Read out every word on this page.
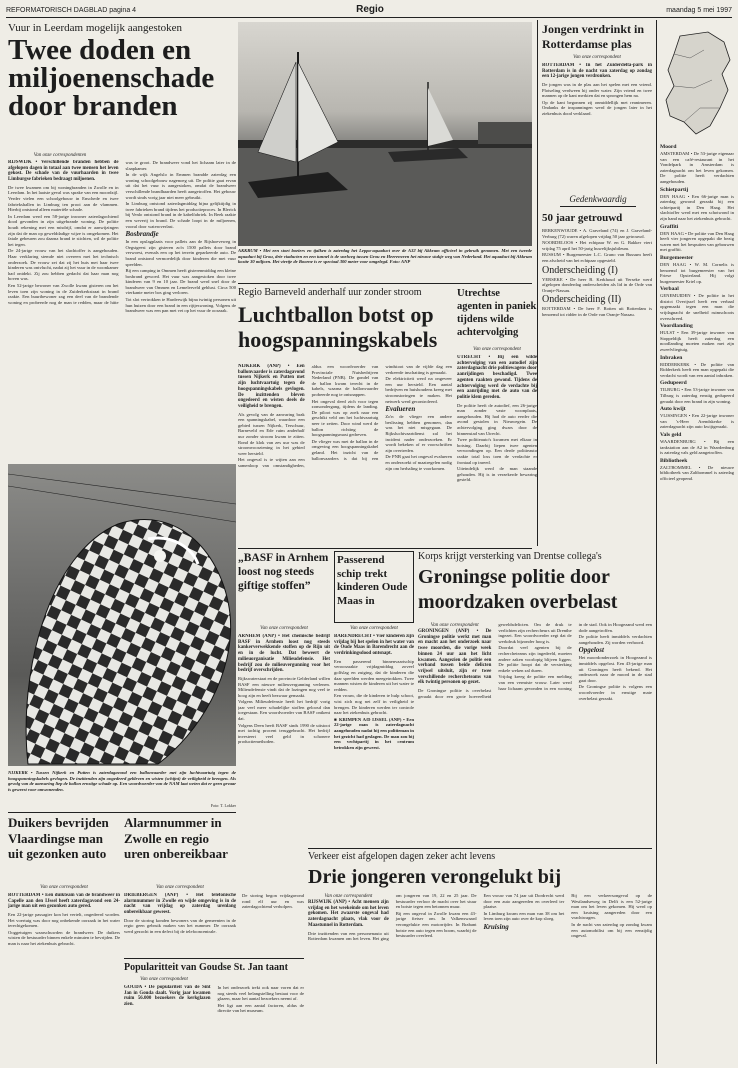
REFORMATORISCH DAGBLAD pagina 4	Regio	maandag 5 mei 1997
Vuur in Leerdam mogelijk aangestoken
Twee doden en miljoenenschade door branden
Van onze correspondenten
RIJSWIJK • Verschillende branden hebben de afgelopen dagen in totaal aan twee mensen het leven gekost. De schade van de vuurhaarden in twee Limburgse fabrieken bedraagt miljoenen.

De twee kwamen om bij woningbranden in Zwolle en in Leerdam. In het laatste geval was sprake van een moordzijl. Verder vielen een schoolgebouw in Enschede en twee fabriekshallen in Limburg ten prooi aan de vlammen. Hierbij ontstond alleen materiële schade.

In Leerdam werd een 58-jarige inwoner zaterdagochtend dood gevonden in zijn uitgebrande woning. De politie houdt rekening met een misdrijf, omdat er aanwijzingen zijn dat de man op gewelddadige wijze is omgekomen. Het fatale gebeuren zou daarna brand te stichten, wil de politie het tegen.

De 24-jarige vrouw van het slachtoffer is aangehouden. Haar verklaring stemde niet overeen met het technisch onderzoek. De vrouw zei dat zij het huis met haar twee kinderen was ontvlucht, nadat zij het vuur in de woonkamer had ontdekt. Zij zou hebben gedacht dat haar man nog boven was.

Een 52-jarige bewoner van Zwolle kwam gisteren om het leven toen zijn woning in de Zuiderkerkstraat in brand raakte. Een buurtbewoner zag een deel van de brandende woning en probeerde nog de man te redden, maar de hitte was te groot. De brandweer vond het lichaam later in de slaapkamer.

In de wijk Angelslo in Emmen brandde zaterdag een woning schoolgebouw nagenoeg uit. De politie gaat ervan uit dat het vuur is aangestoken, omdat de brandweer verschillende brandhaarden heeft aangetroffen. Het gebouw wordt sinds vorig jaar niet meer gebruikt.

In Limburg ontstond zaterdagmiddag bijna gelijktijdig in twee fabrieken brand tijdens het productieproces. In Blerick bij Venlo ontstond brand in de kabelfabriek. In Beek raakte een weverij in brand. De schade loopt in de miljoenen, vooral door wateroverlast.

Bosbrandje

In een opslagplaats voor pallets aan de Rijshoeveweg in Oegstgeest zijn gisteren zo'n 1500 pallets door brand verwoest, evenals een op het terrein geparkeerde auto. De brand ontstond vermoedelijk door kinderen die met vuur speelden.

Bij een camping in Ommen heeft gisterenmiddag een kleine bosbrand gewoed. Het vuur was aangestoken door twee kinderen van 9 en 10 jaar. De brand werd snel door de brandweer van Ommen en Lemelerveld geblust. Circa 500 vierkante meter bos ging verloren.

Tot slot vertrokken te Harderwijk bijna twintig personen uit hun huizen door een brand in een rijtjeswoning. Volgens de brandweer was een pan met vet op het vuur de oorzaak.

NIJKERK • Tussen Nijkerk en Putten is zaterdagavond een ballonvaarder met zijn luchtvaartuig tegen de hoogspanningskabels gevlogen. De inzittenden zijn ongedeerd gebleven en wisten (schijnt) de veiligheid te brengen. Als gevolg van de aanvaring liep de ballon ernstige schade op. Een woordvoerder van de NAM laat weten dat er geen gevaar is geweest voor omwonenden.
Foto: T. Lokker
AKKRUM • Met een stoet boeiers en tjalken is zaterdag het Leppa-aquaduct over de A32 bij Akkrum officieel in gebruik genomen. Met een tweede aquaduct bij Grou, drie viaducten en een tunnel is de snelweg tussen Grou en Heerenveen het nieuwe stukje weg van Nederland. Het aquaduct bij Akkrum kostte 30 miljoen. Het viertje de Boorne is er speciaal 300 meter voor omgelegd. Foto: ANP
Regio Barneveld anderhalf uur zonder stroom
Luchtballon botst op hoogspanningskabels
NIJKERK (ANP) • Een ballonvaarder is zaterdagavond tussen Nijkerk en Putten met zijn luchtvaartuig tegen de hoogspanningskabels gevlogen. De inzittenden bleven ongedeerd en wisten deels de veiligheid te brengen.

Als gevolg van de aanvaring brak een spanningskabel, waardoor een gebied tussen Nijkerk, Terschuur, Barneveld en Ede ruim anderhalf uur zonder stroom kwam te zitten. Rond de klok van zes uur was de stroomvoorziening in het gebied weer hersteld.

Het ongeval is te wijten aan een samenloop van omstandigheden, aldus een woordvoerder van Provinciale Nutsbedrijven Nederland (PNB). De gondel van de ballon kwam terecht in de kabels, waarna de ballonvaarder probeerde nog te ontsnappen.

Het ongeval deed zich voor tegen zonsondergang, tijdens de landing. De piloot was op zoek naar een geschikt veld om het luchtvaartuig neer te zetten. Door wind werd de ballon richting de hoogspanningsmast gedreven.

De vlieger was met de ballon in de omgeving een hoogspanningskabel geland. Het inzicht van de ballonvaarders is dat bij een windstoot van de vijfde dag een verkeerde inschatting is gemaakt.

De elektriciteit werd na ongeveer een uur hersteld. Een aantal bedrijven en huishoudens kreeg met stroomstoringen te maken. Het netwerk werd gecontroleerd.

Evalueren

Zo'n de vlieger een andere beslissing hebben genomen, dan was het niet misgegaan. De Rijksluchtvaartdienst zal het incident nader onderzoeken. Er wordt bekeken of er voorschriften zijn overtreden.

De PNB gaat het ongeval evalueren en onderzoekt of maatregelen nodig zijn om herhaling te voorkomen.

Utrechtse agenten in paniek tijdens wilde achtervolging
Van onze correspondent
UTRECHT • Bij een wilde achtervolging van een autodief zijn zaterdagnacht drie politiewagens door aanrijdingen beschadigd. Twee agenten raakten gewond. Tijdens de achtervolging werd de verdachte bij een aanrijding met de auto van de politie klem gereden.

De politie heeft de autodief, een 26-jarige man zonder vaste woonplaats, aangehouden. Hij had de auto eerder die avond gestolen in Nieuwegein. De achtervolging ging dwars door de binnenstad van Utrecht.

Twee politieauto's kwamen met elkaar in botsing. Daarbij liepen twee agenten verwondingen op. Een derde politieauto raakte total loss toen de verdachte er frontaal op inreed.

Uiteindelijk werd de man staande gehouden. Hij is in verzekerde bewaring gesteld.

„BASF in Arnhem loost nog steeds giftige stoffen”
Van onze correspondent
ARNHEM (ANP) • Het chemische bedrijf BASF in Arnhem loost nog steeds kankerverwekkende stoffen op de Rijn uit en in de lucht. Dat beweert de milieuorganisatie Milieudefensie. Het bedrijf zou de milieuvergunning voor het bedrijf overschrijden.

Rijkswaterstaat en de provincie Gelderland willen BASF een nieuwe milieuvergunning verlenen. Milieudefensie vindt dat de lozingen nog veel te hoog zijn en heeft bezwaar gemaakt.

Volgens Milieudefensie heeft het bedrijf vorig jaar veel meer schadelijke stoffen geloosd dan toegestaan. Een woordvoerder van BASF ontkent dat.

Volgens Deen heeft BASF sinds 1990 de uitstoot met tachtig procent teruggebracht. Het bedrijf investeert veel geld in schonere productiemethoden.

Passerend schip trekt kinderen Oude Maas in
Van onze correspondent
BARENDRECHT • Vier kinderen zijn vrijdag bij het spelen in het water van de Oude Maas in Barendrecht aan de verdrinkingsdood ontsnapt.

Een passerend binnenvaartschip veroorzaakte vrijdagmiddag zoveel golfslag en zuiging, dat de kinderen die daar speelden werden meegetrokken. Twee mannen wisten de kinderen uit het water te redden.

Een vrouw, die de kinderen te hulp schoot, wist zich nog net zelf in veiligheid te brengen. De kinderen werden ter controle naar het ziekenhuis gebracht.

■ KRIMPEN A/D IJSSEL (ANP) • Een 22-jarige man is zaterdagnacht aangehouden nadat hij een politieman in het gezicht had geslagen. De man zou bij een vechtpartij in het centrum betrokken zijn geweest.

Korps krijgt versterking van Drentse collega's
Groningse politie door moordzaken overbelast
Van onze correspondent
GRONINGEN (ANP) • De Groningse politie werkt met man en macht aan het onderzoek naar twee moorden, die vorige week binnen 24 uur aan het licht kwamen. Aangezien de politie een verband tussen beide delicten vrijwel uitsluit, zijn er twee verschillende rechercheteams van elk twintig personen op gezet.

De Groningse politie is overbelast geraakt door een grote hoeveelheid geweldsdelicten. Om de druk te verlichten zijn rechercheurs uit Drenthe ingezet. Een woordvoerder zegt dat de werkdruk bijzonder hoog is.

Doordat veel agenten bij de rechercheteams zijn ingedeeld, moeten andere zaken voorlopig blijven liggen. De politie hoopt dat de versterking enkele weken zal duren.

Vrijdag kreeg de politie een melding van een vermiste vrouw. Later werd haar lichaam gevonden in een woning in de stad. Ook in Hoogezand werd een dode aangetroffen.

De politie heeft inmiddels verdachten aangehouden. Zij worden verhoord.

Opgelost

Het moordonderzoek in Hoogezand is inmiddels opgelost. Een 43-jarige man uit Groningen heeft bekend. Het onderzoek naar de moord in de stad gaat door.

De Groningse politie is volgens een woordvoerder in ernstige mate overbelast geraakt.

Duikers bevrijden Vlaardingse man uit gezonken auto
Van onze correspondent
ROTTERDAM • Een duikteam van de brandweer in Capelle aan den IJssel heeft zaterdagavond een 24-jarige man uit een gezonken auto gered.

Een 22-jarige passagier kon het vertelt, ongedeerd worden. Het voertuig was door nog onbekende oorzaak in het water terechtgekomen.

Ooggetuigen waarschuwden de brandweer. De duikers wisten de bestuurder binnen enkele minuten te bevrijden. De man is naar het ziekenhuis gebracht.

Alarmnummer in Zwolle en regio uren onbereikbaar
Van onze correspondent
DRIEBERGEN (ANP) • Het telefonische alarmnummer in Zwolle en wijde omgeving is in de nacht van vrijdag op zaterdag urenlang onbereikbaar geweest.

Door de storing konden bewoners van de gemeenten in de regio geen gebruik maken van het nummer. De oorzaak werd gezocht in een defect bij de telefooncentrale.

Popularitteit van Goudse St. Jan taant
Van onze correspondent
GOUDA • De populariteit van de Sint Jan in Gouda daalt. Vorig jaar kwamen ruim 56.000 bezoekers de kerkglazen zien.

In het onderzoek trekt ook naar voren dat er nog steeds veel belangstelling bestaat voor de glazen, maar het aantal bezoekers neemt af.

Het ligt aan een aantal factoren, aldus de directie van het museum.

De storing begon vrijdagavond rond elf uur en was zaterdagochtend verholpen.

Verkeer eist afgelopen dagen zeker acht levens
Drie jongeren verongelukt bij
Van onze correspondent
RIJSWIJK (ANP) • Acht mensen zijn vrijdag en het weekeinde om het leven gekomen. Het zwaarste ongeval had zaterdagnacht plaats, vlak voor de Maastunnel in Rotterdam.

Drie inzittenden van een personenauto uit Rotterdam kwamen om het leven. Het ging om jongeren van 19, 22 en 25 jaar. De bestuurder verloor de macht over het stuur en botste tegen een betonnen muur.

Bij een ongeval in Zwolle kwam een 43-jarige fietser om. In Valkenswaard verongelukte een motorrijder. In Brabant botste een auto tegen een boom, waarbij de bestuurder overleed.

Een vrouw van 74 jaar uit Dordrecht werd door een auto aangereden en overleed ter plaatse.

In Limburg kwam een man van 38 om het leven toen zijn auto over de kop sloeg.

Kruising

Bij een verkeersongeval op de Westlandseweg in Delft is een 52-jarige man om het leven gekomen. Hij werd op een kruising aangereden door een vrachtwagen.

In de nacht van zaterdag op zondag kwam een automobilist om bij een eenzijdig ongeval.

Jongen verdrinkt in Rotterdamse plas
Van onze correspondent
ROTTERDAM • In het Zuiderdelta-park in Rotterdam is in de nacht van zaterdag op zondag een 12-jarige jongen verdronken.

De jongen was in de plas aan het spelen met een vriend. Plotseling verdween hij onder water. Zijn vriend en twee mannen op de kant merkten dat en sprongen hem na.

Op de kant begonnen zij onmiddellijk met reanimeren. Ondanks de inspanningen werd de jongen later in het ziekenhuis dood verklaard.

Gedenkwaardig
50 jaar getrouwd

BERKENWOUDE • A. Graveland (74) en J. Graveland-Verburg (72) waren afgelopen vrijdag 50 jaar getrouwd.

NOORDELOOS • Het echtpaar W. en G. Bakker viert vrijdag 75 april het 50-jarig huwelijksjubileum.

BUSSUM • Burgemeester L.C. Gruno van Bussum heeft een afscheid van het echtpaar opgesteld.

Onderscheiding (I)

YERSEKE • De heer B. Kerkhoud uit Yerseke werd afgelopen donderdag onderscheiden als lid in de Orde van Oranje-Nassau.

Onderscheiding (II)

ROTTERDAM • De heer F. Rotten uit Rotterdam is benoemd tot ridder in de Orde van Oranje-Nassau.

Moord
AMSTERDAM • De 53-jarige eigenaar van een café-restaurant in het Vondelpark in Amsterdam is zaterdagnacht om het leven gekomen. De politie heeft verdachten aangehouden.
Schietpartij
DEN HAAG • Een 66-jarige man is zaterdag gewond geraakt bij een schietpartij in Den Haag. Het slachtoffer werd met een schotwond in zijn hand naar het ziekenhuis gebracht.
Graffiti
DEN HAAG • De politie van Den Haag heeft vier jongeren opgepakt die bezig waren met het bespuiten van gebouwen met graffiti.
Burgemeester
DEN HAAG • W. M. Cornelis is benoemd tot burgemeester van het Friese Opsterland. Hij volgt burgemeester Kriel op.
Verbaal
GENEMUIDEN • De politie in het district Overijssel heeft een verbaal opgemaakt tegen een man die vrijdagnacht de snelheid ruimschoots overschreed.
Voordlanding
HULST • Een 39-jarige inwoner van Stoppeldijk heeft zaterdag een noodlanding moeten maken met zijn zweefvliegtuig.
Inbraken
RIDDERKERK • De politie van Ridderkerk heeft een man opgepakt die verdacht wordt van een aantal inbraken.
Gedupeerd
TILBURG • Een 53-jarige inwoner van Tilburg is zaterdag ernstig gedupeerd geraakt door een brand in zijn woning.
Auto kwijt
VLISSINGEN • Een 22-jarige inwoner van 's-Heer Arendskerke is zaterdagnacht zijn auto kwijtgeraakt.
Vals geld
WAARDENBURG • Bij een tankstation aan de A2 in Waardenburg is zaterdag vals geld aangetroffen.
Bibliotheek
ZALTBOMMEL • De nieuwe bibliotheek van Zaltbommel is zaterdag officieel geopend.
